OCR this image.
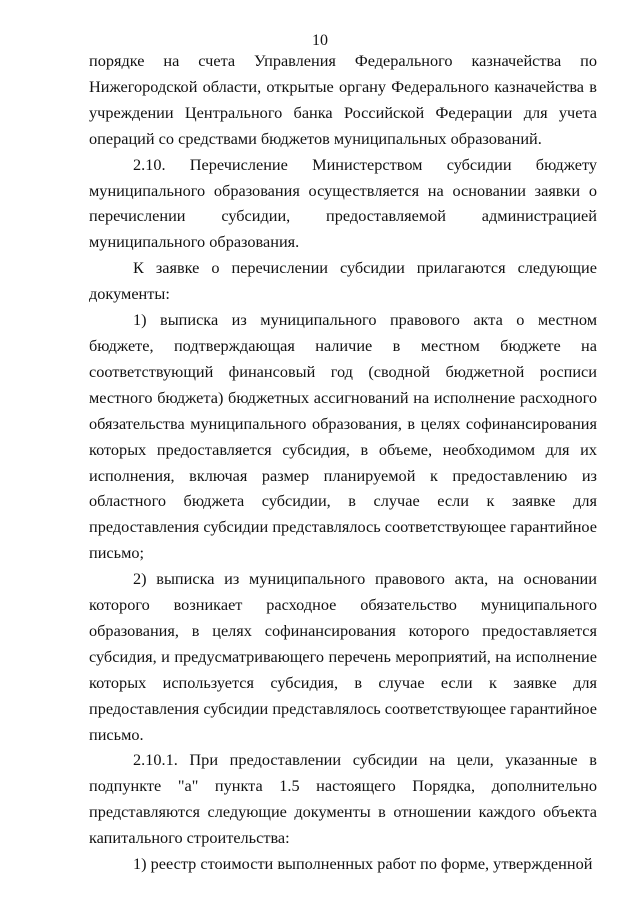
10

порядке на счета Управления Федерального казначейства по Нижегородской области, открытые органу Федерального казначейства в учреждении Центрального банка Российской Федерации для учета операций со средствами бюджетов муниципальных образований.

2.10. Перечисление Министерством субсидии бюджету муниципального образования осуществляется на основании заявки о перечислении субсидии, предоставляемой администрацией муниципального образования.

К заявке о перечислении субсидии прилагаются следующие документы:

1) выписка из муниципального правового акта о местном бюджете, подтверждающая наличие в местном бюджете на соответствующий финансовый год (сводной бюджетной росписи местного бюджета) бюджетных ассигнований на исполнение расходного обязательства муниципального образования, в целях софинансирования которых предоставляется субсидия, в объеме, необходимом для их исполнения, включая размер планируемой к предоставлению из областного бюджета субсидии, в случае если к заявке для предоставления субсидии представлялось соответствующее гарантийное письмо;

2) выписка из муниципального правового акта, на основании которого возникает расходное обязательство муниципального образования, в целях софинансирования которого предоставляется субсидия, и предусматривающего перечень мероприятий, на исполнение которых используется субсидия, в случае если к заявке для предоставления субсидии представлялось соответствующее гарантийное письмо.

2.10.1. При предоставлении субсидии на цели, указанные в подпункте "а" пункта 1.5 настоящего Порядка, дополнительно представляются следующие документы в отношении каждого объекта капитального строительства:

1) реестр стоимости выполненных работ по форме, утвержденной
